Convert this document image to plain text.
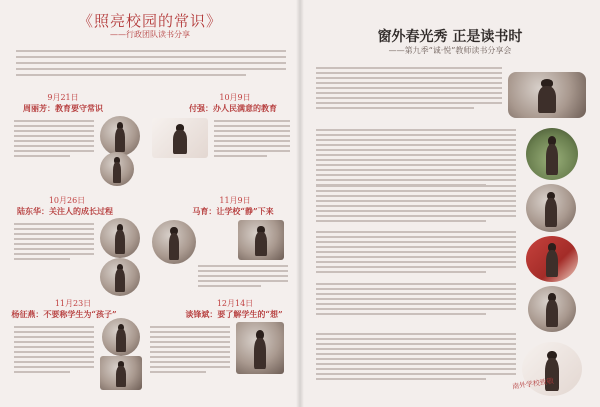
《照亮校园的常识》
——行政团队读书分享
9月21日
周丽芳：教育要守常识
10月9日
付强：办人民满意的教育
10月26日
陆东华：关注人的成长过程
11月9日
马育：让学校“静”下来
11月23日
杨征燕：不要称学生为“孩子”
12月14日
谈锋斌：要了解学生的“想”
窗外春光秀 正是读书时
——第九季“诚·悦”教师读书分享会
南外学校致敬
